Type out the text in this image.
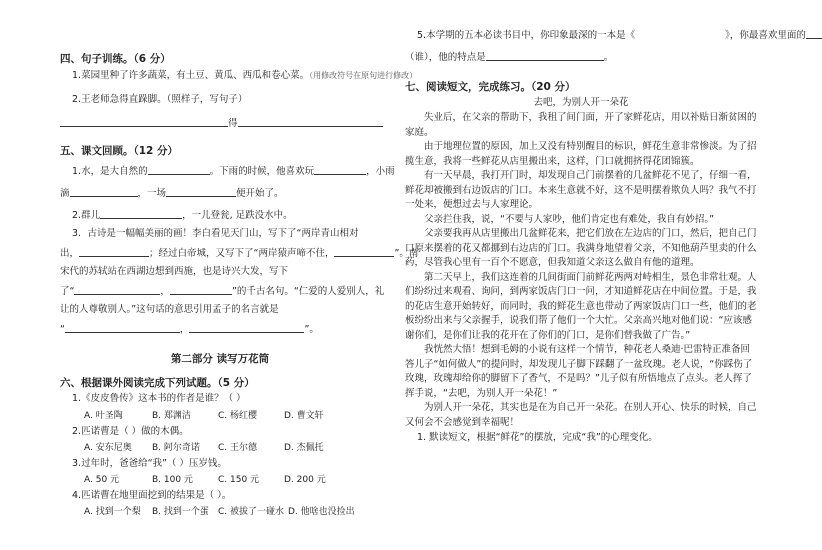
四、句子训练。（6 分）
1.菜园里种了许多蔬菜，有土豆、黄瓜、西瓜和卷心菜。（用修改符号在原句进行修改）
2.王老师急得直跺脚。（照样子，写句子）
得
五、课文回顾。（12 分）
1.水，是大自然的	。下雨的时候，他喜欢玩	，小雨
滴	，一场	便开始了。
2.群儿	，一儿登瓮, 足跌没水中。
3．古诗是一幅幅美丽的画！李白看见天门山，写下了“两岸青山相对
出，	；经过白帝城，又写下了“两岸猿声啼不住，	”。南
宋代的苏轼站在西湖边想到西施，也是诗兴大发，写下
了“	，	”的千古名句。“仁爱的人爱别人，礼
让的人尊敬别人。”这句话的意思引用孟子的名言就是
“	，	”。
第二部分 读写万花筒
六、根据课外阅读完成下列试题。（5 分）
1.《皮皮鲁传》这本书的作者是谁？（ ）
A. 叶圣陶	B. 郑渊洁	C. 杨红樱	D. 曹文轩
2.匹诺曹是（ ）做的木偶。
A. 安东尼奥	B. 阿尔奇诺	C. 王尔德	D. 杰佩托
3.过年时，爸爸给“我”（ ）压岁钱。
A. 50 元	B. 100 元	C. 150 元	D. 200 元
4.匹诺曹在地里面挖到的结果是（ ）。
A. 找到一个梨	B. 找到一个蛋	C. 被拔了一碰水 D. 他啥也没捡出
5.本学期的五本必读书目中，你印象最深的一本是《	》，你最喜欢里面的
（谁），他的特点是	。
七、阅读短文，完成练习。（20 分）
去吧，为别人开一朵花
失业后，在父亲的帮助下，我租了间门面，开了家鲜花店，用以补贴日渐贫困的家庭。
由于地理位置的原因，加上又没有特别醒目的标识，鲜花生意非常惨淡。为了招揽生意，我将一些鲜花从店里搬出来，这样，门口就拥挤得花团锦簇。
有一天早晨，我打开门时，却发现自己门前摆着的几盆鲜花不见了，仔细一看，鲜花却被搬到右边饭店的门口。本来生意就不好，这不是明摆着欺负人吗？我气不打一处来，便想过去与人家理论。
父亲拦住我，说，“不要与人家吵，他们肯定也有难处，我自有妙招。”
父亲要我再从店里搬出几盆鲜花来，把它们放在左边店的门口，然后，把自己门口原来摆着的花又都挪到右边店的门口。我满身地望着父亲，不知他葫芦里卖的什么药，尽管我心里有一百个不愿意，但我知道父亲这么做自有他的道理。
第二天早上，我们这连着的几间街面门前鲜花两两对峙相生，景色非常壮观。人们纷纷过来观看、询问，到两家饭店门口一问，才知道鲜花店在中间位置。于是，我的花店生意开始转好，而同时，我的鲜花生意也带动了两家饭店门口一些，他们的老板纷纷出来与父亲握手，说我们帮了他们一个大忙。父亲高兴地对他们说：“应该感谢你们，是你们让我的花开在了你们的门口，是你们替我做了广告。”
我恍然大悟！想到毛姆的小说有这样一个情节，种花老人桑迪·巴雷特正准备回答儿子“如何做人”的提问时，却发现儿子脚下踩翻了一盆玫瑰。老人说，“你踩伤了玫瑰，玫瑰却给你的脚留下了香气，不是吗？”儿子似有所悟地点了点头。老人挥了挥手说，“去吧，为别人开一朵花！”
为别人开一朵花，其实也是在为自己开一朵花。在别人开心、快乐的时候，自己又何会不会感觉到幸福呢！
1. 默读短文，根据“鲜花”的摆放，完成“我”的心理变化。
